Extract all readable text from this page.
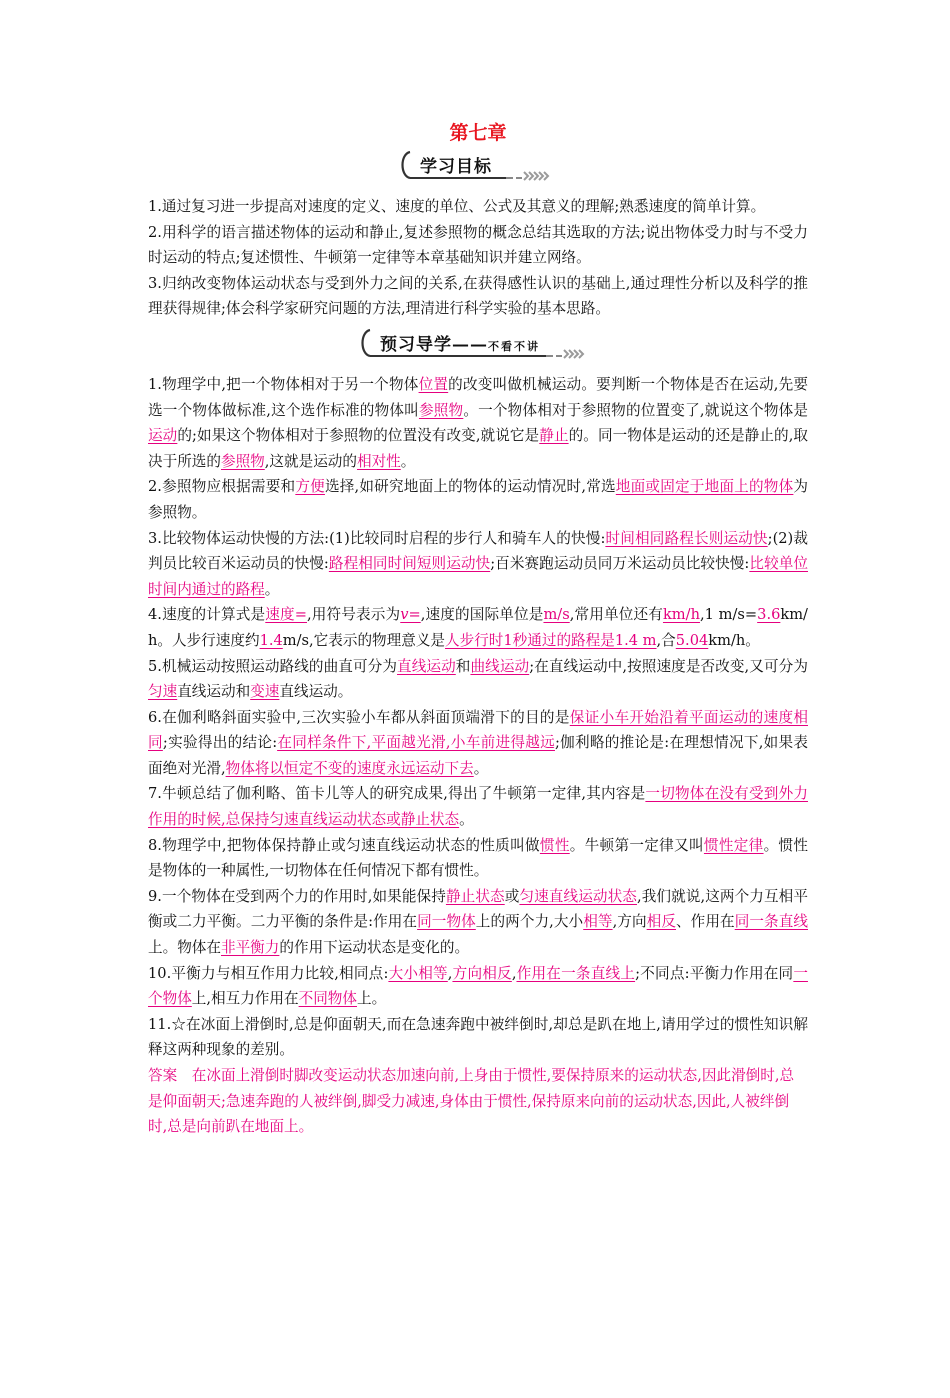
第七章
学习目标

1.通过复习进一步提高对速度的定义、速度的单位、公式及其意义的理解;熟悉速度的简单计算。

2.用科学的语言描述物体的运动和静止,复述参照物的概念总结其选取的方法;说出物体受力时与不受力时运动的特点;复述惯性、牛顿第一定律等本章基础知识并建立网络。

3.归纳改变物体运动状态与受到外力之间的关系,在获得感性认识的基础上,通过理性分析以及科学的推理获得规律;体会科学家研究问题的方法,理清进行科学实验的基本思路。

预习导学——不看不讲

1.物理学中,把一个物体相对于另一个物体位置的改变叫做机械运动。要判断一个物体是否在运动,先要选一个物体做标准,这个选作标准的物体叫参照物。一个物体相对于参照物的位置变了,就说这个物体是运动的;如果这个物体相对于参照物的位置没有改变,就说它是静止的。同一物体是运动的还是静止的,取决于所选的参照物,这就是运动的相对性。

2.参照物应根据需要和方便选择,如研究地面上的物体的运动情况时,常选地面或固定于地面上的物体为参照物。

3.比较物体运动快慢的方法:(1)比较同时启程的步行人和骑车人的快慢:时间相同路程长则运动快;(2)裁判员比较百米运动员的快慢:路程相同时间短则运动快;百米赛跑运动员同万米运动员比较快慢:比较单位时间内通过的路程。

4.速度的计算式是速度=,用符号表示为v=,速度的国际单位是m/s,常用单位还有km/h,1 m/s=3.6km/h。人步行速度约1.4m/s,它表示的物理意义是人步行时1秒通过的路程是1.4 m,合5.04km/h。

5.机械运动按照运动路线的曲直可分为直线运动和曲线运动;在直线运动中,按照速度是否改变,又可分为匀速直线运动和变速直线运动。

6.在伽利略斜面实验中,三次实验小车都从斜面顶端滑下的目的是保证小车开始沿着平面运动的速度相同;实验得出的结论:在同样条件下,平面越光滑,小车前进得越远;伽利略的推论是:在理想情况下,如果表面绝对光滑,物体将以恒定不变的速度永远运动下去。

7.牛顿总结了伽利略、笛卡儿等人的研究成果,得出了牛顿第一定律,其内容是一切物体在没有受到外力作用的时候,总保持匀速直线运动状态或静止状态。

8.物理学中,把物体保持静止或匀速直线运动状态的性质叫做惯性。牛顿第一定律又叫惯性定律。惯性是物体的一种属性,一切物体在任何情况下都有惯性。

9.一个物体在受到两个力的作用时,如果能保持静止状态或匀速直线运动状态,我们就说,这两个力互相平衡或二力平衡。二力平衡的条件是:作用在同一物体上的两个力,大小相等,方向相反、作用在同一条直线上。物体在非平衡力的作用下运动状态是变化的。

10.平衡力与相互作用力比较,相同点:大小相等,方向相反,作用在一条直线上;不同点:平衡力作用在同一个物体上,相互力作用在不同物体上。

11.☆在冰面上滑倒时,总是仰面朝天,而在急速奔跑中被绊倒时,却总是趴在地上,请用学过的惯性知识解释这两种现象的差别。

答案　在冰面上滑倒时脚改变运动状态加速向前,上身由于惯性,要保持原来的运动状态,因此滑倒时,总是仰面朝天;急速奔跑的人被绊倒,脚受力减速,身体由于惯性,保持原来向前的运动状态,因此,人被绊倒时,总是向前趴在地面上。
